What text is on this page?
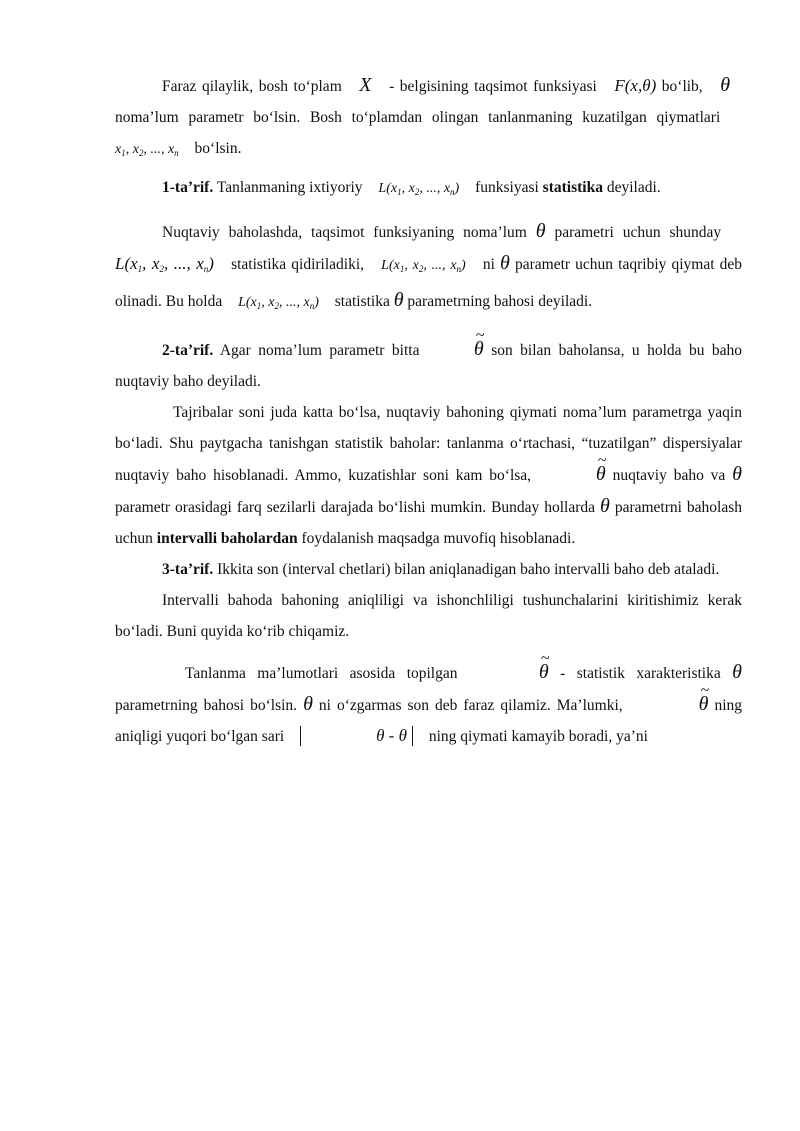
Faraz qilaylik, bosh to‘plam X - belgisining taqsimot funksiyasi F(x,θ) bo‘lib, θ noma’lum parametr bo‘lsin. Bosh to‘plamdan olingan tanlanmaning kuzatilgan qiymatlari $x_1$, $x_2$, ..., $x_n$ bo‘lsin.

1-ta’rif. Tanlanmaning ixtiyoriy $L(x_1$, $x_2$, ..., $x_n$) funksiyasi statistika deyiladi.

Nuqtaviy baholashda, taqsimot funksiyaning noma’lum θ parametri uchun shunday $L(x_1$, $x_2$, ..., $x_n$) statistika qidiriladiki, $L(x_1$, $x_2$, ..., $x_n$) ni θ parametr uchun taqribiy qiymat deb olinadi. Bu holda $L(x_1$, $x_2$, ..., $x_n$) statistika θ parametrning bahosi deyiladi.

2-ta’rif. Agar noma’lum parametr bitta	~ θ son bilan baholansa, u holda bu baho nuqtaviy baho deyiladi.

Tajribalar soni juda katta bo‘lsa, nuqtaviy bahoning qiymati noma’lum parametrga yaqin bo‘ladi. Shu paytgacha tanishgan statistik baholar: tanlanma o‘rtachasi, “tuzatilgan” dispersiyalar nuqtaviy baho hisoblanadi. Ammo, kuzatishlar soni kam bo‘lsa,	~ θ nuqtaviy baho va θ parametr orasidagi farq sezilarli darajada bo‘lishi mumkin. Bunday hollarda θ parametrni baholash uchun intervalli baholardan foydalanish maqsadga muvofiq hisoblanadi.

3-ta’rif. Ikkita son (interval chetlari) bilan aniqlanadigan baho intervalli baho deb ataladi.

Intervalli bahoda bahoning aniqliligi va ishonchliligi tushunchalarini kiritishimiz kerak bo‘ladi. Buni quyida ko‘rib chiqamiz.

Tanlanma ma’lumotlari asosida topilgan	~ θ - statistik xarakteristika θ parametrning bahosi bo‘lsin. θ ni o‘zgarmas son deb faraz qilamiz. Ma’lumki,	~ θ ning aniqligi yuqori bo‘lgan sari	θ - θ ning qiymati kamayib boradi, ya’ni
